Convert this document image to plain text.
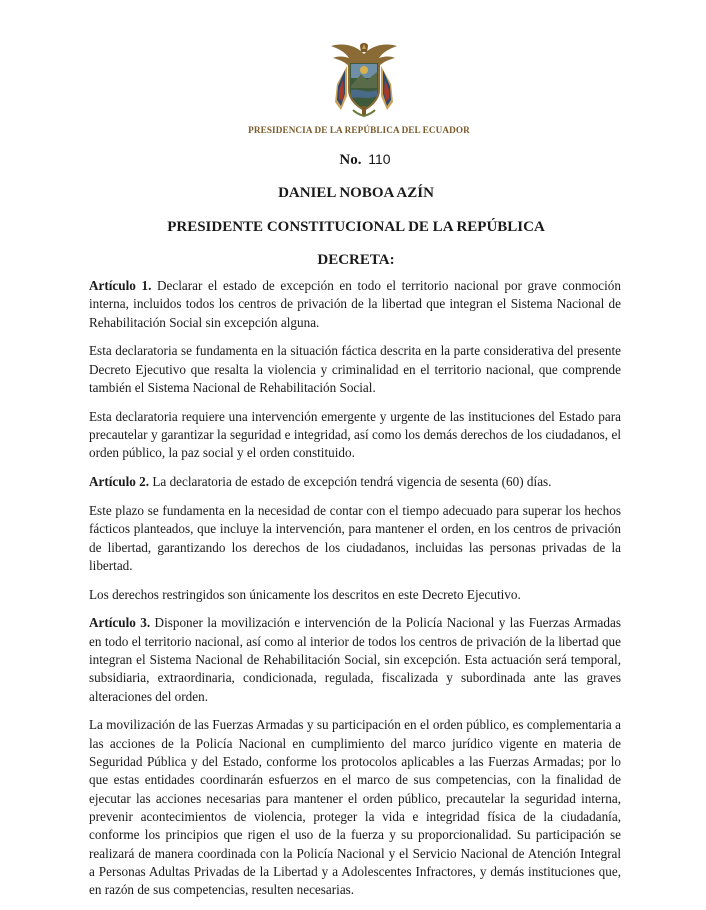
PRESIDENCIA DE LA REPÚBLICA DEL ECUADOR
No. 110
DANIEL NOBOA AZÍN
PRESIDENTE CONSTITUCIONAL DE LA REPÚBLICA
DECRETA:

Artículo 1. Declarar el estado de excepción en todo el territorio nacional por grave conmoción interna, incluidos todos los centros de privación de la libertad que integran el Sistema Nacional de Rehabilitación Social sin excepción alguna.

Esta declaratoria se fundamenta en la situación fáctica descrita en la parte considerativa del presente Decreto Ejecutivo que resalta la violencia y criminalidad en el territorio nacional, que comprende también el Sistema Nacional de Rehabilitación Social.

Esta declaratoria requiere una intervención emergente y urgente de las instituciones del Estado para precautelar y garantizar la seguridad e integridad, así como los demás derechos de los ciudadanos, el orden público, la paz social y el orden constituido.

Artículo 2. La declaratoria de estado de excepción tendrá vigencia de sesenta (60) días.

Este plazo se fundamenta en la necesidad de contar con el tiempo adecuado para superar los hechos fácticos planteados, que incluye la intervención, para mantener el orden, en los centros de privación de libertad, garantizando los derechos de los ciudadanos, incluidas las personas privadas de la libertad.

Los derechos restringidos son únicamente los descritos en este Decreto Ejecutivo.

Artículo 3. Disponer la movilización e intervención de la Policía Nacional y las Fuerzas Armadas en todo el territorio nacional, así como al interior de todos los centros de privación de la libertad que integran el Sistema Nacional de Rehabilitación Social, sin excepción. Esta actuación será temporal, subsidiaria, extraordinaria, condicionada, regulada, fiscalizada y subordinada ante las graves alteraciones del orden.

La movilización de las Fuerzas Armadas y su participación en el orden público, es complementaria a las acciones de la Policía Nacional en cumplimiento del marco jurídico vigente en materia de Seguridad Pública y del Estado, conforme los protocolos aplicables a las Fuerzas Armadas; por lo que estas entidades coordinarán esfuerzos en el marco de sus competencias, con la finalidad de ejecutar las acciones necesarias para mantener el orden público, precautelar la seguridad interna, prevenir acontecimientos de violencia, proteger la vida e integridad física de la ciudadanía, conforme los principios que rigen el uso de la fuerza y su proporcionalidad. Su participación se realizará de manera coordinada con la Policía Nacional y el Servicio Nacional de Atención Integral a Personas Adultas Privadas de la Libertad y a Adolescentes Infractores, y demás instituciones que, en razón de sus competencias, resulten necesarias.
